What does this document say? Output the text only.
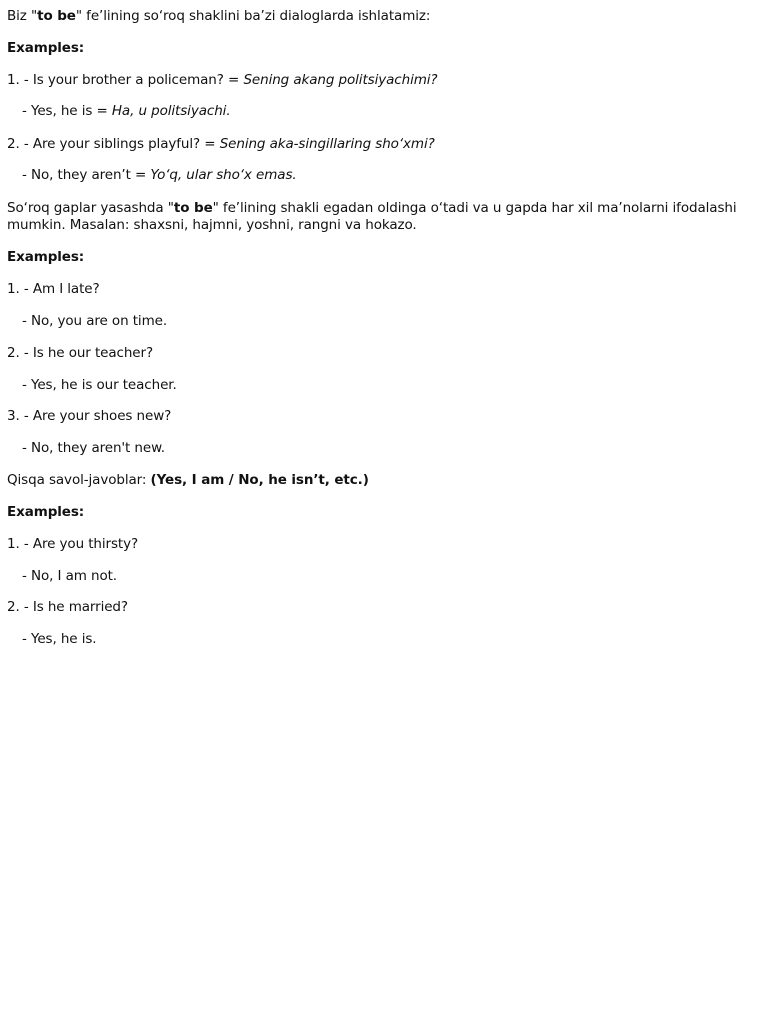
Biz "to be" fe’lining so‘roq shaklini ba’zi dialoglarda ishlatamiz:
Examples:
1. - Is your brother a policeman? = Sening akang politsiyachimi?
- Yes, he is = Ha, u politsiyachi.
2. - Are your siblings playful? = Sening aka-singillaring sho‘xmi?
- No, they aren’t = Yo‘q, ular sho‘x emas.
So‘roq gaplar yasashda "to be" fe’lining shakli egadan oldinga o‘tadi va u gapda har xil ma’nolarni ifodalashi mumkin. Masalan: shaxsni, hajmni, yoshni, rangni va hokazo.
Examples:
1. - Am I late?
- No, you are on time.
2. - Is he our teacher?
- Yes, he is our teacher.
3. - Are your shoes new?
- No, they aren't new.
Qisqa savol-javoblar: (Yes, I am / No, he isn’t, etc.)
Examples:
1. - Are you thirsty?
- No, I am not.
2. - Is he married?
- Yes, he is.
